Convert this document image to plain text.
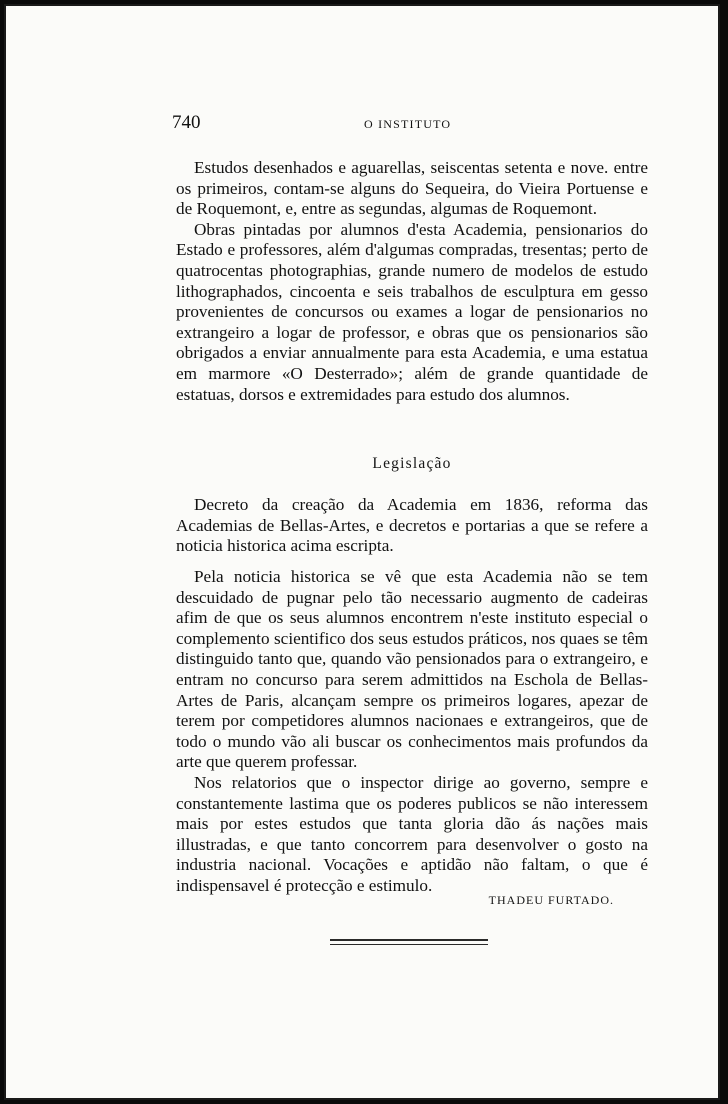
740	O INSTITUTO

Estudos desenhados e aguarellas, seiscentas setenta e nove. entre os primeiros, contam-se alguns do Sequeira, do Vieira Portuense e de Roquemont, e, entre as segundas, algumas de Roquemont.

Obras pintadas por alumnos d'esta Academia, pensionarios do Estado e professores, além d'algumas compradas, tresentas; perto de quatrocentas photographias, grande numero de modelos de estudo lithographados, cincoenta e seis trabalhos de esculptura em gesso provenientes de concursos ou exames a logar de pensionarios no extrangeiro a logar de professor, e obras que os pensionarios são obrigados a enviar annualmente para esta Academia, e uma estatua em marmore «O Desterrado»; além de grande quantidade de estatuas, dorsos e extremidades para estudo dos alumnos.

Legislação

Decreto da creação da Academia em 1836, reforma das Academias de Bellas-Artes, e decretos e portarias a que se refere a noticia historica acima escripta.

Pela noticia historica se vê que esta Academia não se tem descuidado de pugnar pelo tão necessario augmento de cadeiras afim de que os seus alumnos encontrem n'este instituto especial o complemento scientifico dos seus estudos práticos, nos quaes se têm distinguido tanto que, quando vão pensionados para o extrangeiro, e entram no concurso para serem admittidos na Eschola de Bellas-Artes de Paris, alcançam sempre os primeiros logares, apezar de terem por competidores alumnos nacionaes e extrangeiros, que de todo o mundo vão ali buscar os conhecimentos mais profundos da arte que querem professar.

Nos relatorios que o inspector dirige ao governo, sempre e constantemente lastima que os poderes publicos se não interessem mais por estes estudos que tanta gloria dão ás nações mais illustradas, e que tanto concorrem para desenvolver o gosto na industria nacional. Vocações e aptidão não faltam, o que é indispensavel é protecção e estimulo.

THADEU FURTADO.
